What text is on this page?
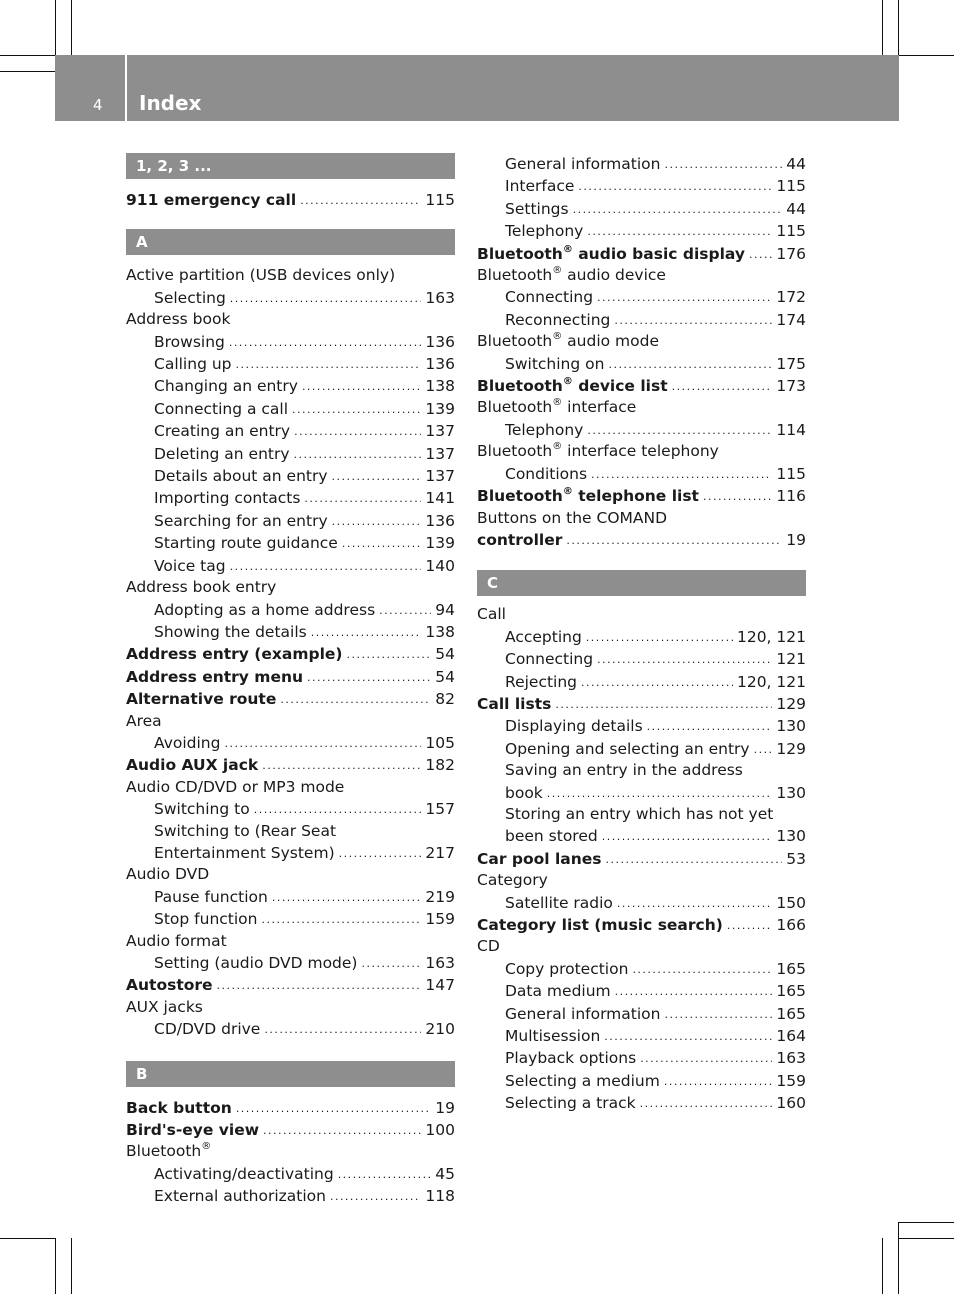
4 Index
1, 2, 3 ...
911 emergency call . . .	115
A
Active partition (USB devices only)
Selecting . . .	163
Address book
Browsing . . .	136
Calling up . . .	136
Changing an entry . . .	138
Connecting a call . . .	139
Creating an entry . . .	137
Deleting an entry . . .	137
Details about an entry . . .	137
Importing contacts . . .	141
Searching for an entry . . .	136
Starting route guidance . . .	139
Voice tag . . .	140
Address book entry
Adopting as a home address . . .	94
Showing the details . . .	138
Address entry (example) . . .	54
Address entry menu . . .	54
Alternative route . . .	82
Area
Avoiding . . .	105
Audio AUX jack . . .	182
Audio CD/DVD or MP3 mode
Switching to . . .	157
Switching to (Rear Seat
Entertainment System) . . .	217
Audio DVD
Pause function . . .	219
Stop function . . .	159
Audio format
Setting (audio DVD mode) . . .	163
Autostore . . .	147
AUX jacks
CD/DVD drive . . .	210
B
Back button . . .	19
Bird's-eye view . . .	100
Bluetooth®
Activating/deactivating . . .	45
External authorization . . .	118
General information . . .	44
Interface . . .	115
Settings . . .	44
Telephony . . .	115
Bluetooth® audio basic display . . . 176
Bluetooth® audio device
Connecting . . .	172
Reconnecting . . .	174
Bluetooth® audio mode
Switching on . . .	175
Bluetooth® device list . . .	173
Bluetooth® interface
Telephony . . .	114
Bluetooth® interface telephony
Conditions . . .	115
Bluetooth® telephone list . . .	116
Buttons on the COMAND
controller . . .	19
C
Call
Accepting . . .	120, 121
Connecting . . .	121
Rejecting . . .	120, 121
Call lists . . .	129
Displaying details . . .	130
Opening and selecting an entry . . . 129
Saving an entry in the address
book . . .	130
Storing an entry which has not yet
been stored . . .	130
Car pool lanes . . .	53
Category
Satellite radio . . .	150
Category list (music search) . . .	166
CD
Copy protection . . .	165
Data medium . . .	165
General information . . .	165
Multisession . . .	164
Playback options . . .	163
Selecting a medium . . .	159
Selecting a track . . .	160
